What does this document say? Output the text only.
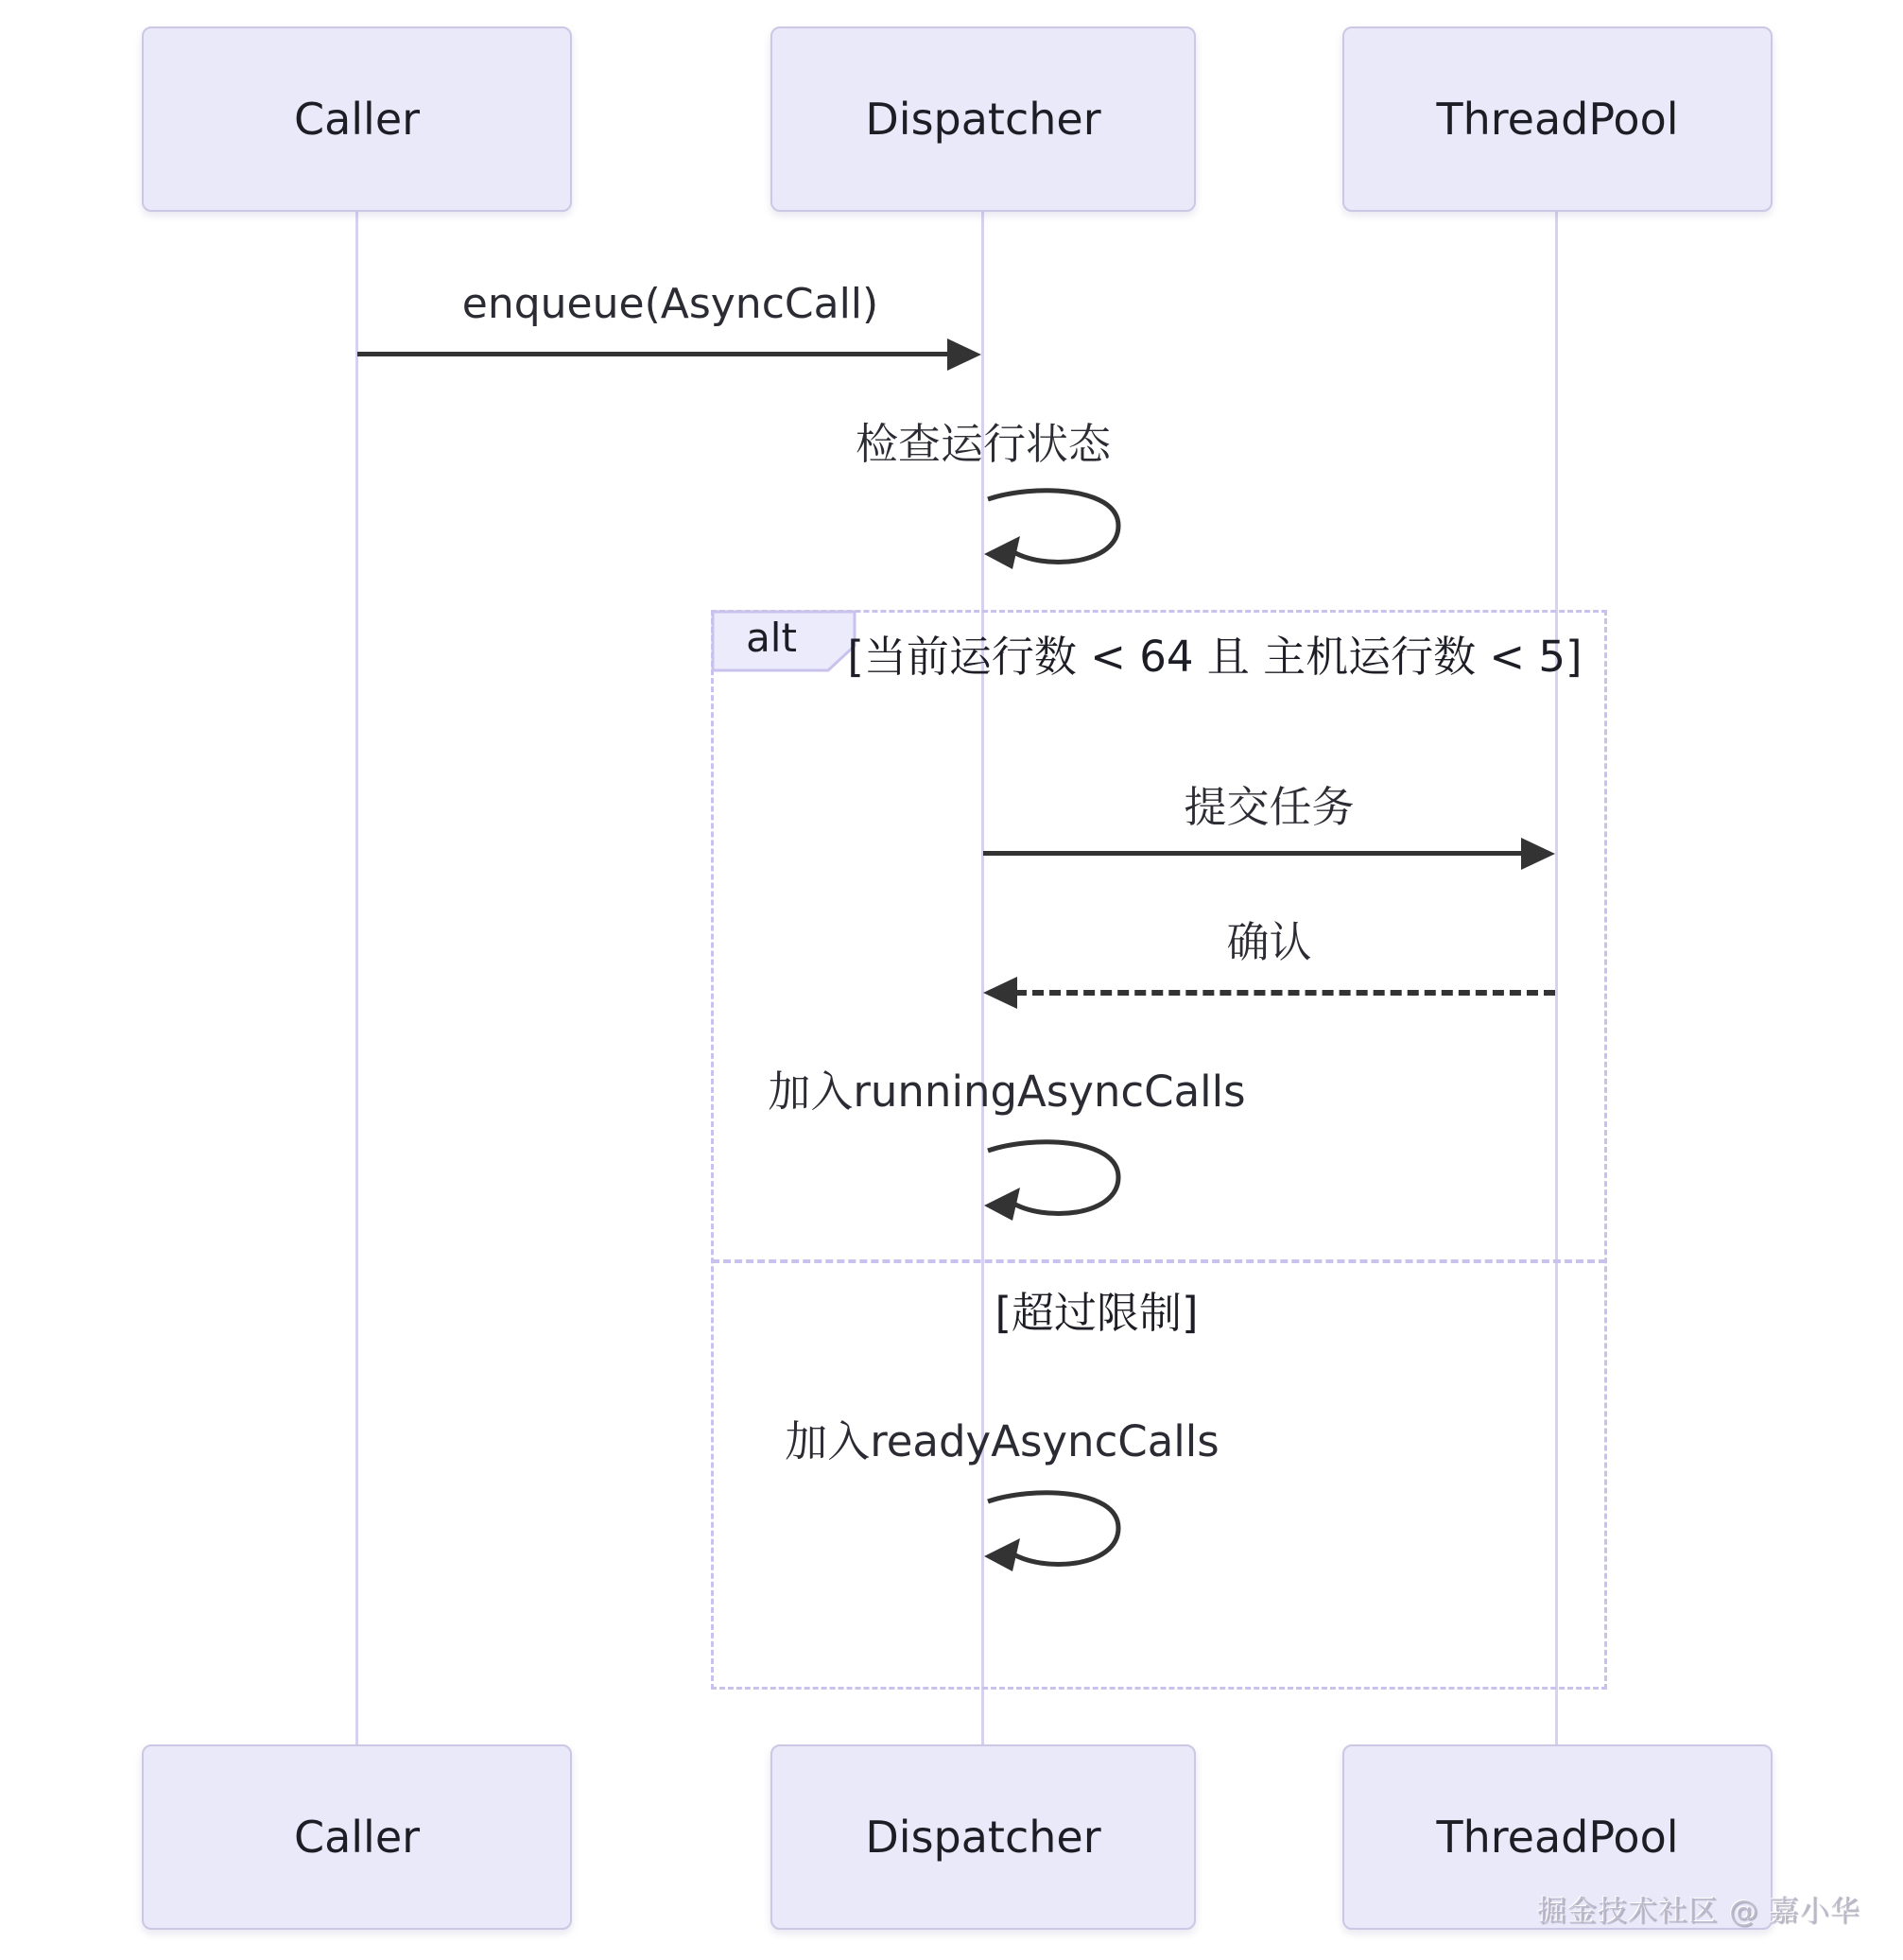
Caller	Dispatcher	ThreadPool
enqueue(AsyncCall)
检查运行状态
alt	[当前运行数 < 64 且 主机运行数 < 5]
提交任务
确认
加入runningAsyncCalls
[超过限制]
加入readyAsyncCalls
Caller	Dispatcher	ThreadPool
掘金技术社区 @ 嘉小华
